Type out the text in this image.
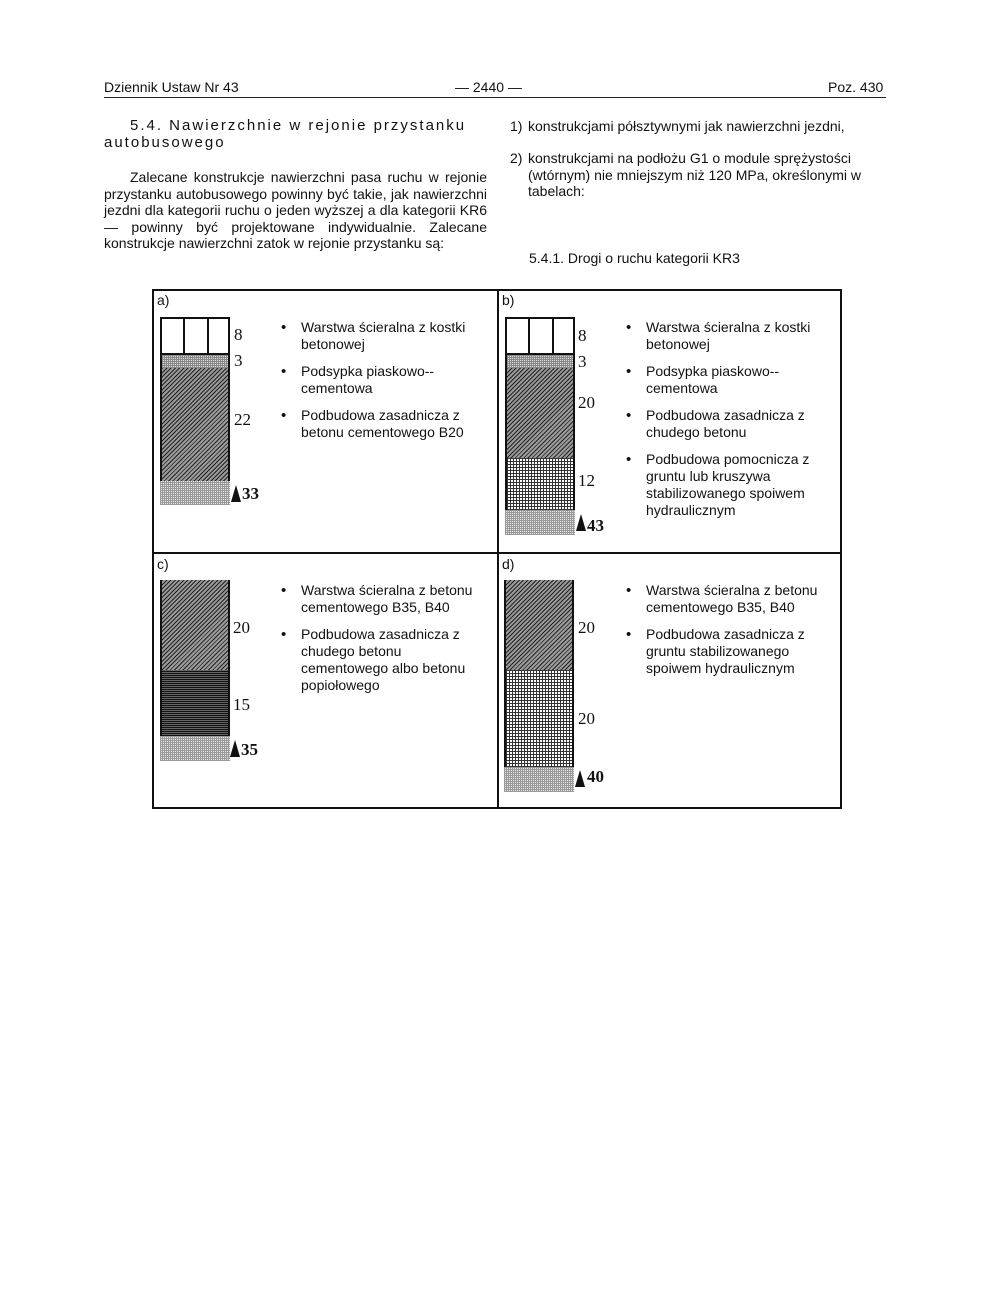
Dziennik Ustaw Nr 43	— 2440 —	Poz. 430
5.4. Nawierzchnie w rejonie przystanku
autobusowego
Zalecane konstrukcje nawierzchni pasa ruchu w rejonie przystanku autobusowego powinny być takie, jak nawierzchni jezdni dla kategorii ruchu o jeden wyższej a dla kategorii KR6 — powinny być projektowane indywidualnie. Zalecane konstrukcje nawierzchni zatok w rejonie przystanku są:
1) konstrukcjami półsztywnymi jak nawierzchni jezdni,
2) konstrukcjami na podłożu G1 o module sprężystości (wtórnym) nie mniejszym niż 120 MPa, określonymi w tabelach:
5.4.1. Drogi o ruchu kategorii KR3
a)
8
3
22
33
• Warstwa ścieralna z kostki betonowej
• Podsypka piaskowo--cementowa
• Podbudowa zasadnicza z betonu cementowego B20
b)
8
3
20
12
43
• Warstwa ścieralna z kostki betonowej
• Podsypka piaskowo--cementowa
• Podbudowa zasadnicza z chudego betonu
• Podbudowa pomocnicza z gruntu lub kruszywa stabilizowanego spoiwem hydraulicznym
c)
20
15
35
• Warstwa ścieralna z betonu cementowego B35, B40
• Podbudowa zasadnicza z chudego betonu cementowego albo betonu popiołowego
d)
20
20
40
• Warstwa ścieralna z betonu cementowego B35, B40
• Podbudowa zasadnicza z gruntu stabilizowanego spoiwem hydraulicznym
